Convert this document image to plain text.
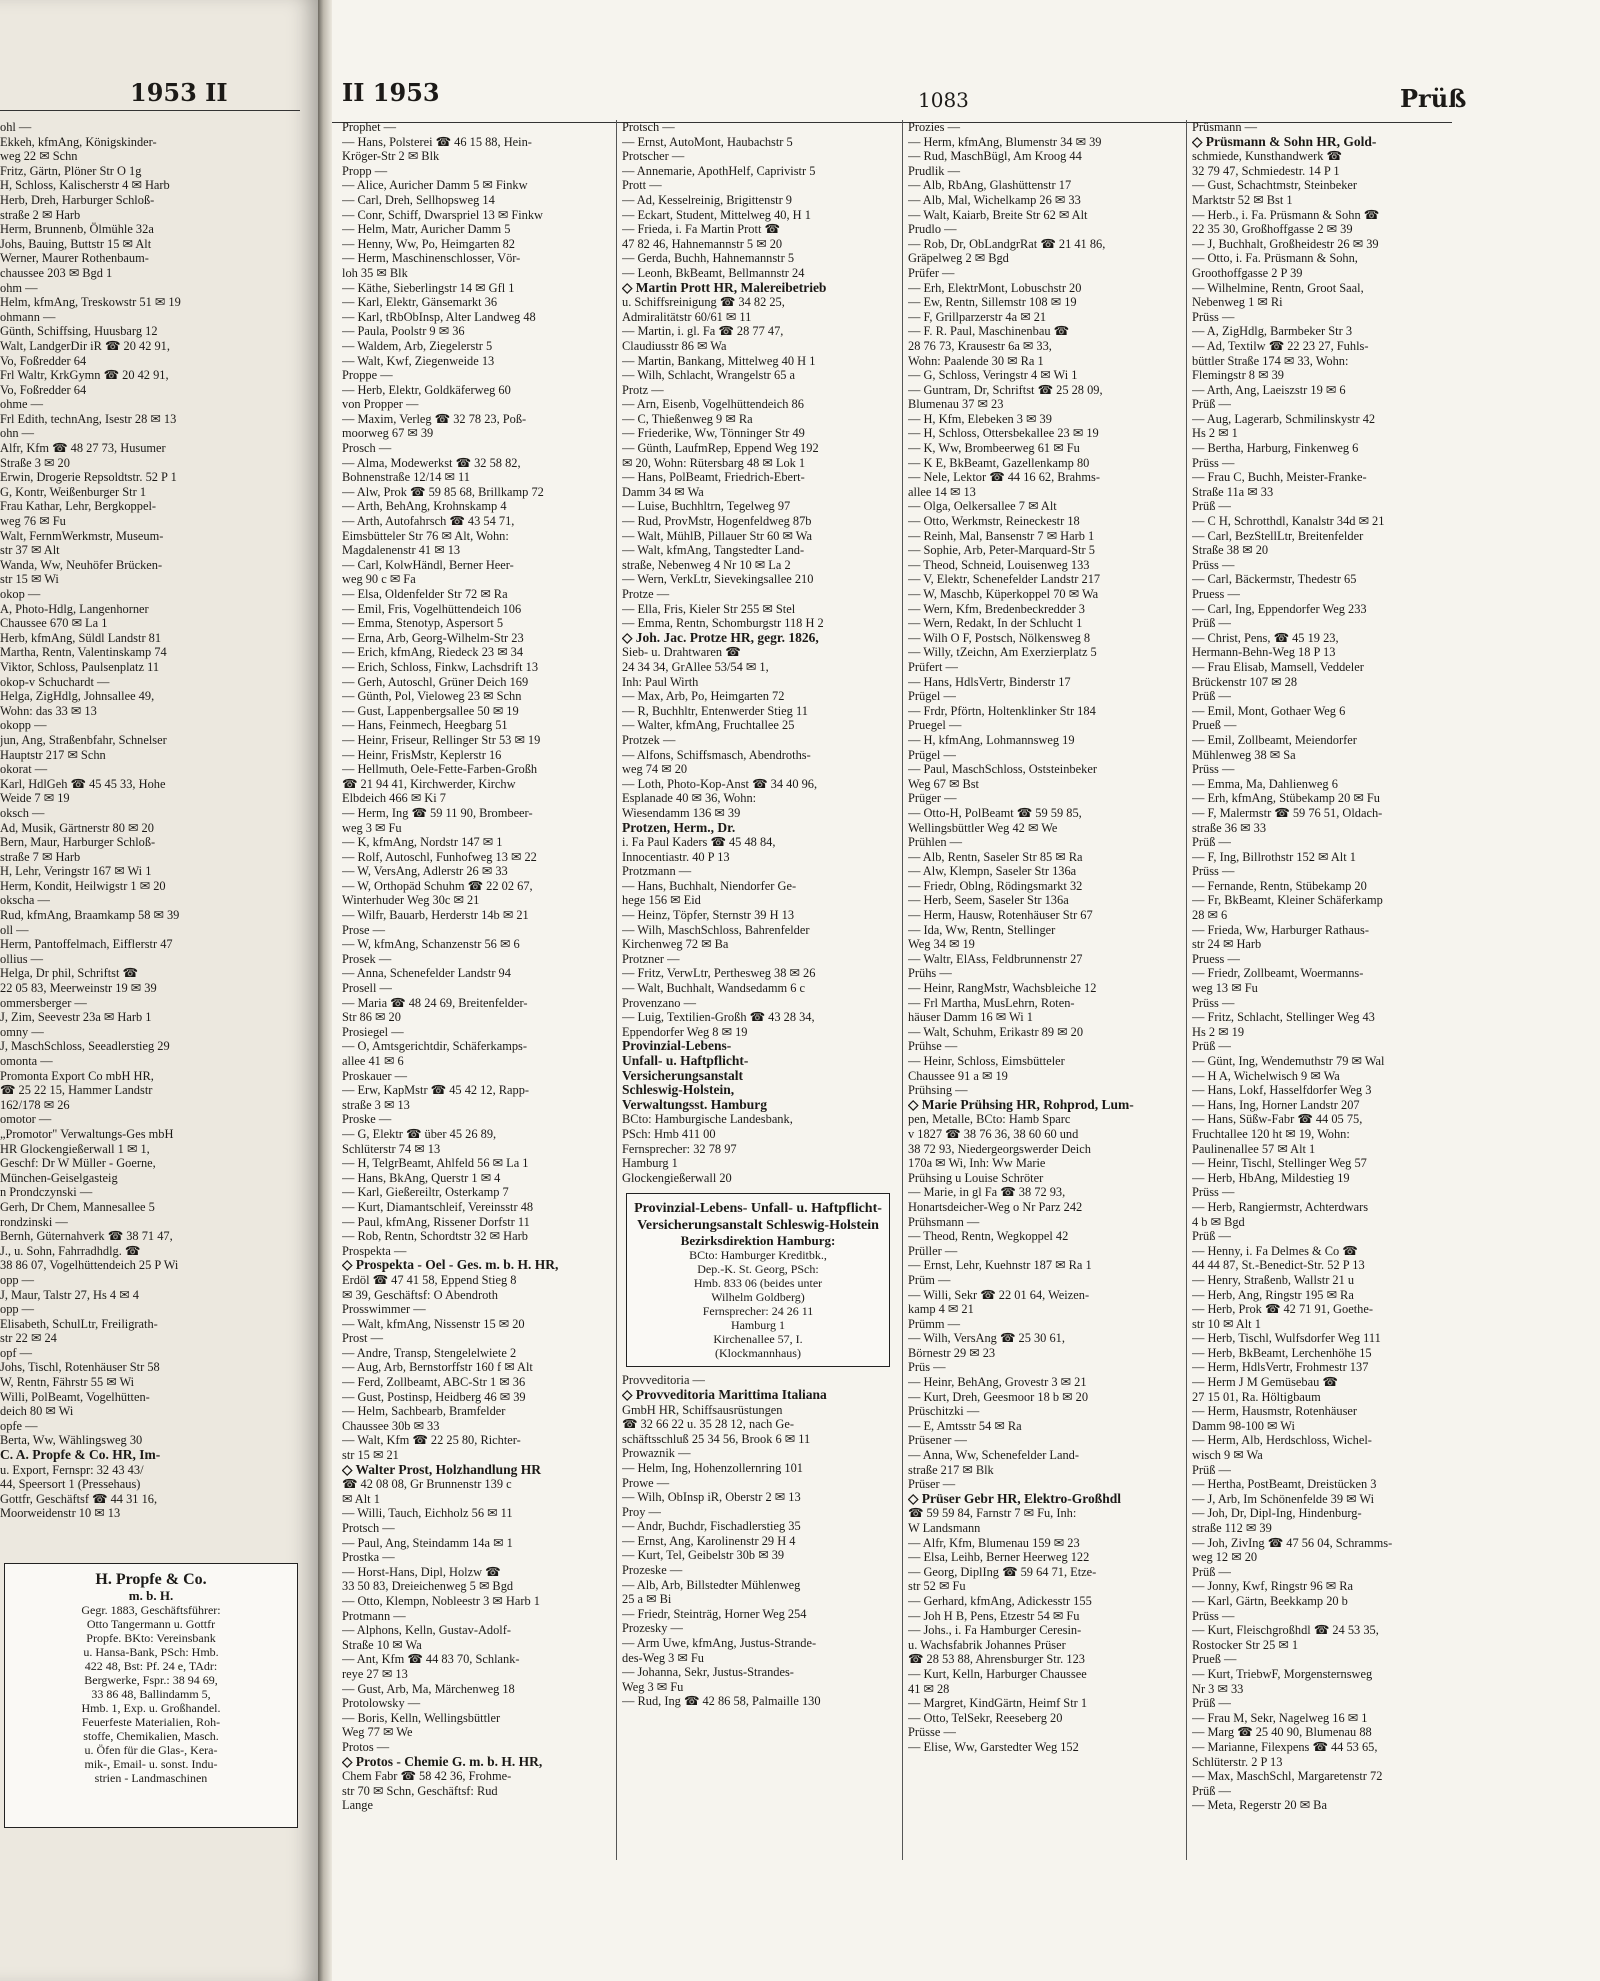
1953 II
ohl —
Ekkeh, kfmAng, Königskinder-
weg 22 ✉ Schn
Fritz, Gärtn, Plöner Str O 1g
H, Schloss, Kalischerstr 4 ✉ Harb
Herb, Dreh, Harburger Schloß-
straße 2 ✉ Harb
Herm, Brunnenb, Ölmühle 32a
Johs, Bauing, Buttstr 15 ✉ Alt
Werner, Maurer Rothenbaum-
chaussee 203 ✉ Bgd 1
ohm —
Helm, kfmAng, Treskowstr 51 ✉ 19
ohmann —
Günth, Schiffsing, Huusbarg 12
Walt, LandgerDir iR ☎ 20 42 91,
Vo, Foßredder 64
Frl Waltr, KrkGymn ☎ 20 42 91,
Vo, Foßredder 64
ohme —
Frl Edith, technAng, Isestr 28 ✉ 13
ohn —
Alfr, Kfm ☎ 48 27 73, Husumer
Straße 3 ✉ 20
Erwin, Drogerie Repsoldtstr. 52 P 1
G, Kontr, Weißenburger Str 1
Frau Kathar, Lehr, Bergkoppel-
weg 76 ✉ Fu
Walt, FernmWerkmstr, Museum-
str 37 ✉ Alt
Wanda, Ww, Neuhöfer Brücken-
str 15 ✉ Wi
okop —
A, Photo-Hdlg, Langenhorner
Chaussee 670 ✉ La 1
Herb, kfmAng, Süldl Landstr 81
Martha, Rentn, Valentinskamp 74
Viktor, Schloss, Paulsenplatz 11
okop-v Schuchardt —
Helga, ZigHdlg, Johnsallee 49,
Wohn: das 33 ✉ 13
okopp —
jun, Ang, Straßenbfahr, Schnelser
Hauptstr 217 ✉ Schn
okorat —
Karl, HdlGeh ☎ 45 45 33, Hohe
Weide 7 ✉ 19
oksch —
Ad, Musik, Gärtnerstr 80 ✉ 20
Bern, Maur, Harburger Schloß-
straße 7 ✉ Harb
H, Lehr, Veringstr 167 ✉ Wi 1
Herm, Kondit, Heilwigstr 1 ✉ 20
okscha —
Rud, kfmAng, Braamkamp 58 ✉ 39
oll —
Herm, Pantoffelmach, Eifflerstr 47
ollius —
Helga, Dr phil, Schriftst ☎
22 05 83, Meerweinstr 19 ✉ 39
ommersberger —
J, Zim, Seevestr 23a ✉ Harb 1
omny —
J, MaschSchloss, Seeadlerstieg 29
omonta —
Promonta Export Co mbH HR,
☎ 25 22 15, Hammer Landstr
162/178 ✉ 26
omotor —
„Promotor" Verwaltungs-Ges mbH
HR Glockengießerwall 1 ✉ 1,
Geschf: Dr W Müller - Goerne,
München-Geiselgasteig
n Prondczynski —
Gerh, Dr Chem, Mannesallee 5
rondzinski —
Bernh, Güternahverk ☎ 38 71 47,
J., u. Sohn, Fahrradhdlg. ☎
38 86 07, Vogelhüttendeich 25 P Wi
opp —
J, Maur, Talstr 27, Hs 4 ✉ 4
opp —
Elisabeth, SchulLtr, Freiligrath-
str 22 ✉ 24
opf —
Johs, Tischl, Rotenhäuser Str 58
W, Rentn, Fährstr 55 ✉ Wi
Willi, PolBeamt, Vogelhütten-
deich 80 ✉ Wi
opfe —
Berta, Ww, Wählingsweg 30
C. A. Propfe & Co. HR, Im-
u. Export, Fernspr: 32 43 43/
44, Speersort 1 (Pressehaus)
Gottfr, Geschäftsf ☎ 44 31 16,
Moorweidenstr 10 ✉ 13
H. Propfe & Co.
m. b. H.
Gegr. 1883, Geschäftsführer:
Otto Tangermann u. Gottfr
Propfe. BKto: Vereinsbank
u. Hansa-Bank, PSch: Hmb.
422 48, Bst: Pf. 24 e, TAdr:
Bergwerke, Fspr.: 38 94 69,
33 86 48, Ballindamm 5,
Hmb. 1, Exp. u. Großhandel.
Feuerfeste Materialien, Roh-
stoffe, Chemikalien, Masch.
u. Öfen für die Glas-, Kera-
mik-, Email- u. sonst. Indu-
strien - Landmaschinen
II 1953	1083	Prüß
Prophet —
— Hans, Polsterei ☎ 46 15 88, Hein-
Kröger-Str 2 ✉ Blk
Propp —
— Alice, Auricher Damm 5 ✉ Finkw
— Carl, Dreh, Sellhopsweg 14
— Conr, Schiff, Dwarspriel 13 ✉ Finkw
— Helm, Matr, Auricher Damm 5
— Henny, Ww, Po, Heimgarten 82
— Herm, Maschinenschlosser, Vör-
loh 35 ✉ Blk
— Käthe, Sieberlingstr 14 ✉ Gfl 1
— Karl, Elektr, Gänsemarkt 36
— Karl, tRbObInsp, Alter Landweg 48
— Paula, Poolstr 9 ✉ 36
— Waldem, Arb, Ziegelerstr 5
— Walt, Kwf, Ziegenweide 13
Proppe —
— Herb, Elektr, Goldkäferweg 60
von Propper —
— Maxim, Verleg ☎ 32 78 23, Poß-
moorweg 67 ✉ 39
Prosch —
— Alma, Modewerkst ☎ 32 58 82,
Bohnenstraße 12/14 ✉ 11
— Alw, Prok ☎ 59 85 68, Brillkamp 72
— Arth, BehAng, Krohnskamp 4
— Arth, Autofahrsch ☎ 43 54 71,
Eimsbütteler Str 76 ✉ Alt, Wohn:
Magdalenenstr 41 ✉ 13
— Carl, KolwHändl, Berner Heer-
weg 90 c ✉ Fa
— Elsa, Oldenfelder Str 72 ✉ Ra
— Emil, Fris, Vogelhüttendeich 106
— Emma, Stenotyp, Aspersort 5
— Erna, Arb, Georg-Wilhelm-Str 23
— Erich, kfmAng, Riedeck 23 ✉ 34
— Erich, Schloss, Finkw, Lachsdrift 13
— Gerh, Autoschl, Grüner Deich 169
— Günth, Pol, Vieloweg 23 ✉ Schn
— Gust, Lappenbergsallee 50 ✉ 19
— Hans, Feinmech, Heegbarg 51
— Heinr, Friseur, Rellinger Str 53 ✉ 19
— Heinr, FrisMstr, Keplerstr 16
— Hellmuth, Oele-Fette-Farben-Großh
☎ 21 94 41, Kirchwerder, Kirchw
Elbdeich 466 ✉ Ki 7
— Herm, Ing ☎ 59 11 90, Brombeer-
weg 3 ✉ Fu
— K, kfmAng, Nordstr 147 ✉ 1
— Rolf, Autoschl, Funhofweg 13 ✉ 22
— W, VersAng, Adlerstr 26 ✉ 33
— W, Orthopäd Schuhm ☎ 22 02 67,
Winterhuder Weg 30c ✉ 21
— Wilfr, Bauarb, Herderstr 14b ✉ 21
Prose —
— W, kfmAng, Schanzenstr 56 ✉ 6
Prosek —
— Anna, Schenefelder Landstr 94
Prosell —
— Maria ☎ 48 24 69, Breitenfelder-
Str 86 ✉ 20
Prosiegel —
— O, Amtsgerichtdir, Schäferkamps-
allee 41 ✉ 6
Proskauer —
— Erw, KapMstr ☎ 45 42 12, Rapp-
straße 3 ✉ 13
Proske —
— G, Elektr ☎ über 45 26 89,
Schlüterstr 74 ✉ 13
— H, TelgrBeamt, Ahlfeld 56 ✉ La 1
— Hans, BkAng, Querstr 1 ✉ 4
— Karl, Gießereiltr, Osterkamp 7
— Kurt, Diamantschleif, Vereinsstr 48
— Paul, kfmAng, Rissener Dorfstr 11
— Rob, Rentn, Schordtstr 32 ✉ Harb
Prospekta —
◇ Prospekta - Oel - Ges. m. b. H. HR,
Erdöl ☎ 47 41 58, Eppend Stieg 8
✉ 39, Geschäftsf: O Abendroth
Prosswimmer —
— Walt, kfmAng, Nissenstr 15 ✉ 20
Prost —
— Andre, Transp, Stengelelwiete 2
— Aug, Arb, Bernstorffstr 160 f ✉ Alt
— Ferd, Zollbeamt, ABC-Str 1 ✉ 36
— Gust, Postinsp, Heidberg 46 ✉ 39
— Helm, Sachbearb, Bramfelder
Chaussee 30b ✉ 33
— Walt, Kfm ☎ 22 25 80, Richter-
str 15 ✉ 21
◇ Walter Prost, Holzhandlung HR
☎ 42 08 08, Gr Brunnenstr 139 c
✉ Alt 1
— Willi, Tauch, Eichholz 56 ✉ 11
Protsch —
— Paul, Ang, Steindamm 14a ✉ 1
Prostka —
— Horst-Hans, Dipl, Holzw ☎
33 50 83, Dreieichenweg 5 ✉ Bgd
— Otto, Klempn, Nobleestr 3 ✉ Harb 1
Protmann —
— Alphons, Kelln, Gustav-Adolf-
Straße 10 ✉ Wa
— Ant, Kfm ☎ 44 83 70, Schlank-
reye 27 ✉ 13
— Gust, Arb, Ma, Märchenweg 18
Protolowsky —
— Boris, Kelln, Wellingsbüttler
Weg 77 ✉ We
Protos —
◇ Protos - Chemie G. m. b. H. HR,
Chem Fabr ☎ 58 42 36, Frohme-
str 70 ✉ Schn, Geschäftsf: Rud
Lange
Protsch —
— Ernst, AutoMont, Haubachstr 5
Protscher —
— Annemarie, ApothHelf, Caprivistr 5
Prott —
— Ad, Kesselreinig, Brigittenstr 9
— Eckart, Student, Mittelweg 40, H 1
— Frieda, i. Fa Martin Prott ☎
47 82 46, Hahnemannstr 5 ✉ 20
— Gerda, Buchh, Hahnemannstr 5
— Leonh, BkBeamt, Bellmannstr 24
◇ Martin Prott HR, Malereibetrieb
u. Schiffsreinigung ☎ 34 82 25,
Admiralitätstr 60/61 ✉ 11
— Martin, i. gl. Fa ☎ 28 77 47,
Claudiusstr 86 ✉ Wa
— Martin, Bankang, Mittelweg 40 H 1
— Wilh, Schlacht, Wrangelstr 65 a
Protz —
— Arn, Eisenb, Vogelhüttendeich 86
— C, Thießenweg 9 ✉ Ra
— Friederike, Ww, Tönninger Str 49
— Günth, LaufmRep, Eppend Weg 192
✉ 20, Wohn: Rütersbarg 48 ✉ Lok 1
— Hans, PolBeamt, Friedrich-Ebert-
Damm 34 ✉ Wa
— Luise, Buchhltrn, Tegelweg 97
— Rud, ProvMstr, Hogenfeldweg 87b
— Walt, MühlB, Pillauer Str 60 ✉ Wa
— Walt, kfmAng, Tangstedter Land-
straße, Nebenweg 4 Nr 10 ✉ La 2
— Wern, VerkLtr, Sievekingsallee 210
Protze —
— Ella, Fris, Kieler Str 255 ✉ Stel
— Emma, Rentn, Schomburgstr 118 H 2
◇ Joh. Jac. Protze HR, gegr. 1826,
Sieb- u. Drahtwaren ☎
24 34 34, GrAllee 53/54 ✉ 1,
Inh: Paul Wirth
— Max, Arb, Po, Heimgarten 72
— R, Buchhltr, Entenwerder Stieg 11
— Walter, kfmAng, Fruchtallee 25
Protzek —
— Alfons, Schiffsmasch, Abendroths-
weg 74 ✉ 20
— Loth, Photo-Kop-Anst ☎ 34 40 96,
Esplanade 40 ✉ 36, Wohn:
Wiesendamm 136 ✉ 39
Protzen, Herm., Dr.
i. Fa Paul Kaders ☎ 45 48 84,
Innocentiastr. 40 P 13
Protzmann —
— Hans, Buchhalt, Niendorfer Ge-
hege 156 ✉ Eid
— Heinz, Töpfer, Sternstr 39 H 13
— Wilh, MaschSchloss, Bahrenfelder
Kirchenweg 72 ✉ Ba
Protzner —
— Fritz, VerwLtr, Perthesweg 38 ✉ 26
— Walt, Buchhalt, Wandsedamm 6 c
Provenzano —
— Luig, Textilien-Großh ☎ 43 28 34,
Eppendorfer Weg 8 ✉ 19
Provinzial-Lebens-
Unfall- u. Haftpflicht-
Versicherungsanstalt
Schleswig-Holstein,
Verwaltungsst. Hamburg
BCto: Hamburgische Landesbank,
PSch: Hmb 411 00
Fernsprecher: 32 78 97
Hamburg 1
Glockengießerwall 20
Provinzial-Lebens- Unfall- u. Haftpflicht- Versicherungsanstalt Schleswig-Holstein
Bezirksdirektion Hamburg:
BCto: Hamburger Kreditbk.,
Dep.-K. St. Georg, PSch:
Hmb. 833 06 (beides unter
Wilhelm Goldberg)
Fernsprecher: 24 26 11
Hamburg 1
Kirchenallee 57, I.
(Klockmannhaus)
Provveditoria —
◇ Provveditoria Marittima Italiana
GmbH HR, Schiffsausrüstungen
☎ 32 66 22 u. 35 28 12, nach Ge-
schäftsschluß 25 34 56, Brook 6 ✉ 11
Prowaznik —
— Helm, Ing, Hohenzollernring 101
Prowe —
— Wilh, ObInsp iR, Oberstr 2 ✉ 13
Proy —
— Andr, Buchdr, Fischadlerstieg 35
— Ernst, Ang, Karolinenstr 29 H 4
— Kurt, Tel, Geibelstr 30b ✉ 39
Prozeske —
— Alb, Arb, Billstedter Mühlenweg
25 a ✉ Bi
— Friedr, Steinträg, Horner Weg 254
Prozesky —
— Arm Uwe, kfmAng, Justus-Strande-
des-Weg 3 ✉ Fu
— Johanna, Sekr, Justus-Strandes-
Weg 3 ✉ Fu
— Rud, Ing ☎ 42 86 58, Palmaille 130
Prozies —
— Herm, kfmAng, Blumenstr 34 ✉ 39
— Rud, MaschBügl, Am Kroog 44
Prudlik —
— Alb, RbAng, Glashüttenstr 17
— Alb, Mal, Wichelkamp 26 ✉ 33
— Walt, Kaiarb, Breite Str 62 ✉ Alt
Prudlo —
— Rob, Dr, ObLandgrRat ☎ 21 41 86,
Gräpelweg 2 ✉ Bgd
Prüfer —
— Erh, ElektrMont, Lobuschstr 20
— Ew, Rentn, Sillemstr 108 ✉ 19
— F, Grillparzerstr 4a ✉ 21
— F. R. Paul, Maschinenbau ☎
28 76 73, Krausestr 6a ✉ 33,
Wohn: Paalende 30 ✉ Ra 1
— G, Schloss, Veringstr 4 ✉ Wi 1
— Guntram, Dr, Schriftst ☎ 25 28 09,
Blumenau 37 ✉ 23
— H, Kfm, Elebeken 3 ✉ 39
— H, Schloss, Ottersbekallee 23 ✉ 19
— K, Ww, Brombeerweg 61 ✉ Fu
— K E, BkBeamt, Gazellenkamp 80
— Nele, Lektor ☎ 44 16 62, Brahms-
allee 14 ✉ 13
— Olga, Oelkersallee 7 ✉ Alt
— Otto, Werkmstr, Reineckestr 18
— Reinh, Mal, Bansenstr 7 ✉ Harb 1
— Sophie, Arb, Peter-Marquard-Str 5
— Theod, Schneid, Louisenweg 133
— V, Elektr, Schenefelder Landstr 217
— W, Maschb, Küperkoppel 70 ✉ Wa
— Wern, Kfm, Bredenbeckredder 3
— Wern, Redakt, In der Schlucht 1
— Wilh O F, Postsch, Nölkensweg 8
— Willy, tZeichn, Am Exerzierplatz 5
Prüfert —
— Hans, HdlsVertr, Binderstr 17
Prügel —
— Frdr, Pförtn, Holtenklinker Str 184
Pruegel —
— H, kfmAng, Lohmannsweg 19
Prügel —
— Paul, MaschSchloss, Oststeinbeker
Weg 67 ✉ Bst
Prüger —
— Otto-H, PolBeamt ☎ 59 59 85,
Wellingsbüttler Weg 42 ✉ We
Prühlen —
— Alb, Rentn, Saseler Str 85 ✉ Ra
— Alw, Klempn, Saseler Str 136a
— Friedr, Oblng, Rödingsmarkt 32
— Herb, Seem, Saseler Str 136a
— Herm, Hausw, Rotenhäuser Str 67
— Ida, Ww, Rentn, Stellinger
Weg 34 ✉ 19
— Waltr, ElAss, Feldbrunnenstr 27
Prühs —
— Heinr, RangMstr, Wachsbleiche 12
— Frl Martha, MusLehrn, Roten-
häuser Damm 16 ✉ Wi 1
— Walt, Schuhm, Erikastr 89 ✉ 20
Prühse —
— Heinr, Schloss, Eimsbütteler
Chaussee 91 a ✉ 19
Prühsing —
◇ Marie Prühsing HR, Rohprod, Lum-
pen, Metalle, BCto: Hamb Sparc
v 1827 ☎ 38 76 36, 38 60 60 und
38 72 93, Niedergeorgswerder Deich
170a ✉ Wi, Inh: Ww Marie
Prühsing u Louise Schröter
— Marie, in gl Fa ☎ 38 72 93,
Honartsdeicher-Weg o Nr Parz 242
Prühsmann —
— Theod, Rentn, Wegkoppel 42
Prüller —
— Ernst, Lehr, Kuehnstr 187 ✉ Ra 1
Prüm —
— Willi, Sekr ☎ 22 01 64, Weizen-
kamp 4 ✉ 21
Prümm —
— Wilh, VersAng ☎ 25 30 61,
Börnestr 29 ✉ 23
Prüs —
— Heinr, BehAng, Grovestr 3 ✉ 21
— Kurt, Dreh, Geesmoor 18 b ✉ 20
Prüschitzki —
— E, Amtsstr 54 ✉ Ra
Prüsener —
— Anna, Ww, Schenefelder Land-
straße 217 ✉ Blk
Prüser —
◇ Prüser Gebr HR, Elektro-Großhdl
☎ 59 59 84, Farnstr 7 ✉ Fu, Inh:
W Landsmann
— Alfr, Kfm, Blumenau 159 ✉ 23
— Elsa, Leihb, Berner Heerweg 122
— Georg, DiplIng ☎ 59 64 71, Etze-
str 52 ✉ Fu
— Gerhard, kfmAng, Adickesstr 155
— Joh H B, Pens, Etzestr 54 ✉ Fu
— Johs., i. Fa Hamburger Ceresin-
u. Wachsfabrik Johannes Prüser
☎ 28 53 88, Ahrensburger Str. 123
— Kurt, Kelln, Harburger Chaussee
41 ✉ 28
— Margret, KindGärtn, Heimf Str 1
— Otto, TelSekr, Reeseberg 20
Prüsse —
— Elise, Ww, Garstedter Weg 152
Prüsmann —
◇ Prüsmann & Sohn HR, Gold-
schmiede, Kunsthandwerk ☎
32 79 47, Schmiedestr. 14 P 1
— Gust, Schachtmstr, Steinbeker
Marktstr 52 ✉ Bst 1
— Herb., i. Fa. Prüsmann & Sohn ☎
22 35 30, Großhoffgasse 2 ✉ 39
— J, Buchhalt, Großheidestr 26 ✉ 39
— Otto, i. Fa. Prüsmann & Sohn,
Groothoffgasse 2 P 39
— Wilhelmine, Rentn, Groot Saal,
Nebenweg 1 ✉ Ri
Prüss —
— A, ZigHdlg, Barmbeker Str 3
— Ad, Textilw ☎ 22 23 27, Fuhls-
büttler Straße 174 ✉ 33, Wohn:
Flemingstr 8 ✉ 39
— Arth, Ang, Laeiszstr 19 ✉ 6
Prüß —
— Aug, Lagerarb, Schmilinskystr 42
Hs 2 ✉ 1
— Bertha, Harburg, Finkenweg 6
Prüss —
— Frau C, Buchh, Meister-Franke-
Straße 11a ✉ 33
Prüß —
— C H, Schrotthdl, Kanalstr 34d ✉ 21
— Carl, BezStellLtr, Breitenfelder
Straße 38 ✉ 20
Prüss —
— Carl, Bäckermstr, Thedestr 65
Pruess —
— Carl, Ing, Eppendorfer Weg 233
Prüß —
— Christ, Pens, ☎ 45 19 23,
Hermann-Behn-Weg 18 P 13
— Frau Elisab, Mamsell, Veddeler
Brückenstr 107 ✉ 28
Prüß —
— Emil, Mont, Gothaer Weg 6
Prueß —
— Emil, Zollbeamt, Meiendorfer
Mühlenweg 38 ✉ Sa
Prüss —
— Emma, Ma, Dahlienweg 6
— Erh, kfmAng, Stübekamp 20 ✉ Fu
— F, Malermstr ☎ 59 76 51, Oldach-
straße 36 ✉ 33
Prüß —
— F, Ing, Billrothstr 152 ✉ Alt 1
Prüss —
— Fernande, Rentn, Stübekamp 20
— Fr, BkBeamt, Kleiner Schäferkamp
28 ✉ 6
— Frieda, Ww, Harburger Rathaus-
str 24 ✉ Harb
Pruess —
— Friedr, Zollbeamt, Woermanns-
weg 13 ✉ Fu
Prüss —
— Fritz, Schlacht, Stellinger Weg 43
Hs 2 ✉ 19
Prüß —
— Günt, Ing, Wendemuthstr 79 ✉ Wal
— H A, Wichelwisch 9 ✉ Wa
— Hans, Lokf, Hasselfdorfer Weg 3
— Hans, Ing, Horner Landstr 207
— Hans, Süßw-Fabr ☎ 44 05 75,
Fruchtallee 120 ht ✉ 19, Wohn:
Paulinenallee 57 ✉ Alt 1
— Heinr, Tischl, Stellinger Weg 57
— Herb, HbAng, Mildestieg 19
Prüss —
— Herb, Rangiermstr, Achterdwars
4 b ✉ Bgd
Prüß —
— Henny, i. Fa Delmes & Co ☎
44 44 87, St.-Benedict-Str. 52 P 13
— Henry, Straßenb, Wallstr 21 u
— Herb, Ang, Ringstr 195 ✉ Ra
— Herb, Prok ☎ 42 71 91, Goethe-
str 10 ✉ Alt 1
— Herb, Tischl, Wulfsdorfer Weg 111
— Herb, BkBeamt, Lerchenhöhe 15
— Herm, HdlsVertr, Frohmestr 137
— Herm J M Gemüsebau ☎
27 15 01, Ra. Höltigbaum
— Herm, Hausmstr, Rotenhäuser
Damm 98-100 ✉ Wi
— Herm, Alb, Herdschloss, Wichel-
wisch 9 ✉ Wa
Prüß —
— Hertha, PostBeamt, Dreistücken 3
— J, Arb, Im Schönenfelde 39 ✉ Wi
— Joh, Dr, Dipl-Ing, Hindenburg-
straße 112 ✉ 39
— Joh, ZivIng ☎ 47 56 04, Schramms-
weg 12 ✉ 20
Prüß —
— Jonny, Kwf, Ringstr 96 ✉ Ra
— Karl, Gärtn, Beekkamp 20 b
Prüss —
— Kurt, Fleischgroßhdl ☎ 24 53 35,
Rostocker Str 25 ✉ 1
Prueß —
— Kurt, TriebwF, Morgensternsweg
Nr 3 ✉ 33
Prüß —
— Frau M, Sekr, Nagelweg 16 ✉ 1
— Marg ☎ 25 40 90, Blumenau 88
— Marianne, Filexpens ☎ 44 53 65,
Schlüterstr. 2 P 13
— Max, MaschSchl, Margaretenstr 72
Prüß —
— Meta, Regerstr 20 ✉ Ba
